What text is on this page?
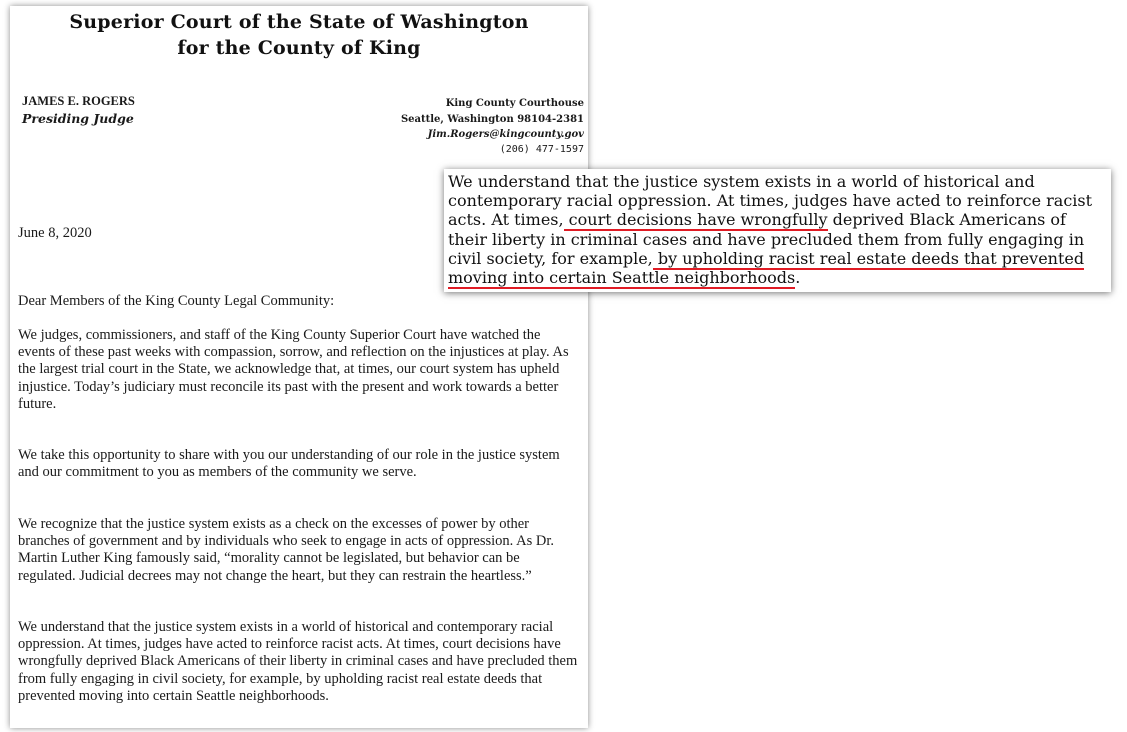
Superior Court of the State of Washington
for the County of King
JAMES E. ROGERS
Presiding Judge
King County Courthouse
Seattle, Washington 98104-2381
Jim.Rogers@kingcounty.gov
(206) 477-1597
June 8, 2020
Dear Members of the King County Legal Community:

We judges, commissioners, and staff of the King County Superior Court have watched the events of these past weeks with compassion, sorrow, and reflection on the injustices at play. As the largest trial court in the State, we acknowledge that, at times, our court system has upheld injustice. Today’s judiciary must reconcile its past with the present and work towards a better future.

We take this opportunity to share with you our understanding of our role in the justice system and our commitment to you as members of the community we serve.

We recognize that the justice system exists as a check on the excesses of power by other branches of government and by individuals who seek to engage in acts of oppression. As Dr. Martin Luther King famously said, “morality cannot be legislated, but behavior can be regulated. Judicial decrees may not change the heart, but they can restrain the heartless.”

We understand that the justice system exists in a world of historical and contemporary racial oppression. At times, judges have acted to reinforce racist acts. At times, court decisions have wrongfully deprived Black Americans of their liberty in criminal cases and have precluded them from fully engaging in civil society, for example, by upholding racist real estate deeds that prevented moving into certain Seattle neighborhoods.

We understand that the justice system exists in a world of historical and
contemporary racial oppression. At times, judges have acted to reinforce racist
acts. At times, court decisions have wrongfully deprived Black Americans of
their liberty in criminal cases and have precluded them from fully engaging in
civil society, for example, by upholding racist real estate deeds that prevented
moving into certain Seattle neighborhoods.
